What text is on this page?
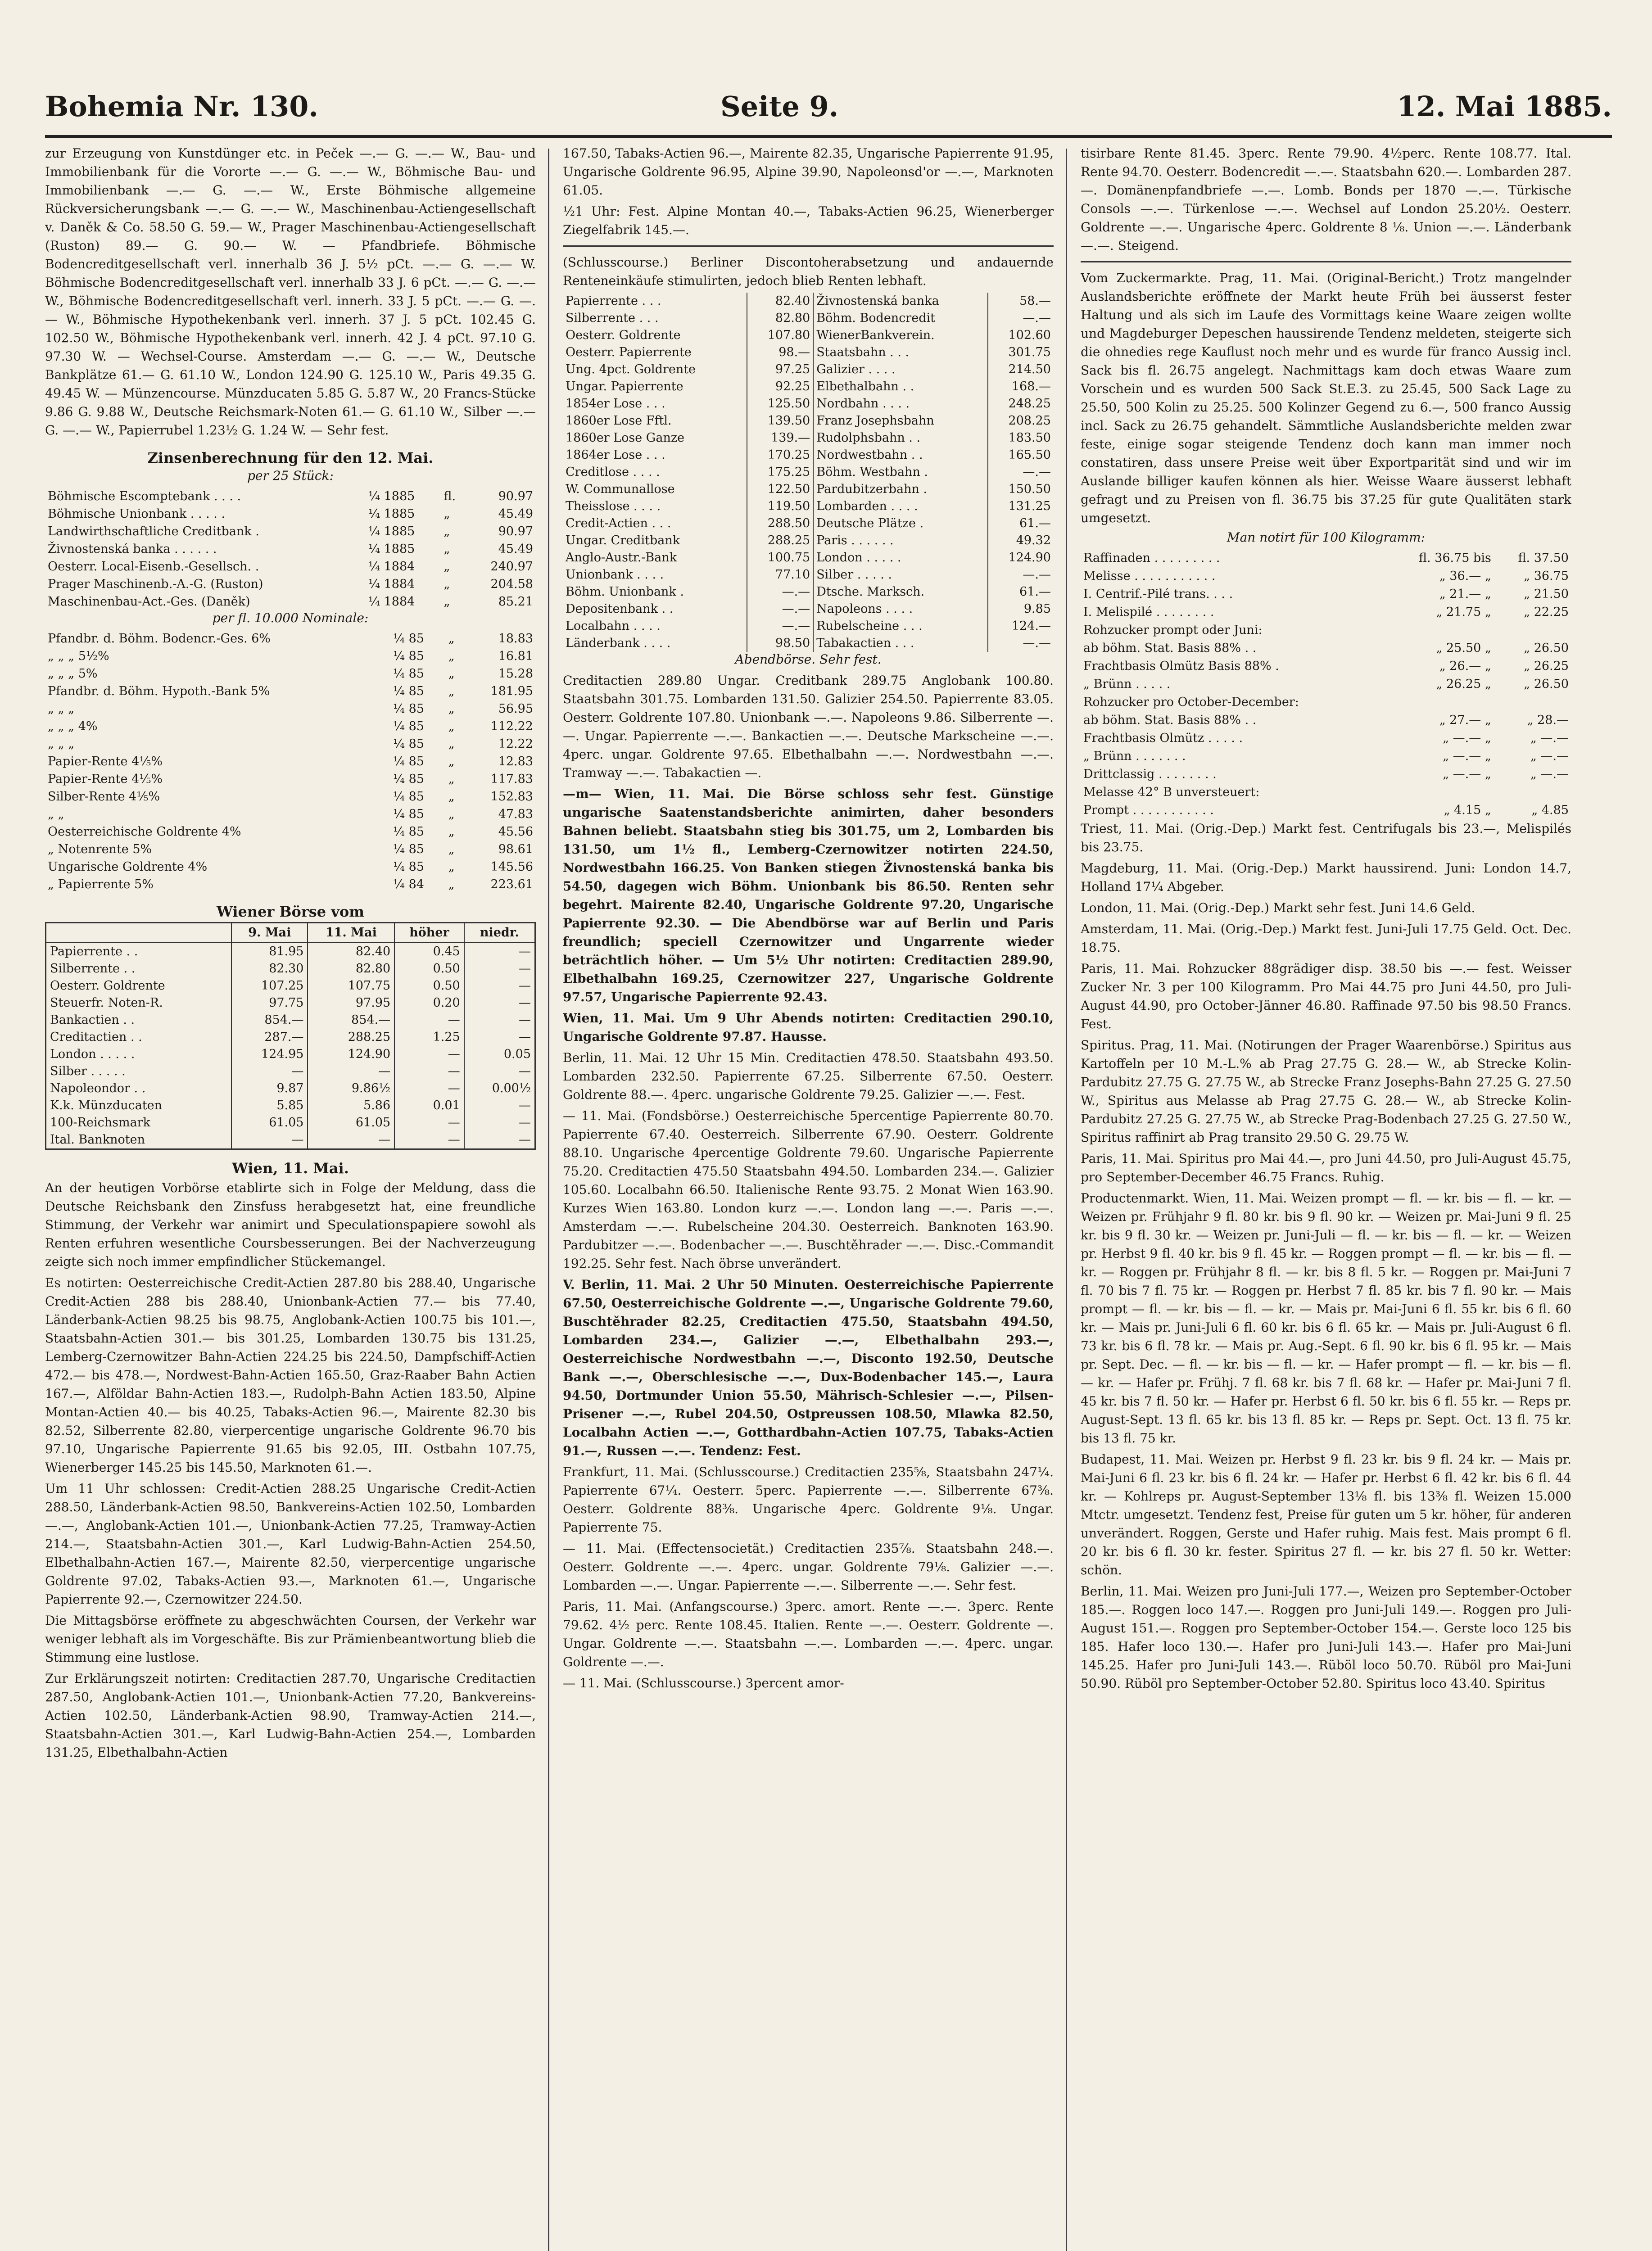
Bohemia Nr. 130.	Seite 9.	12. Mai 1885.

zur Erzeugung von Kunstdünger etc. in Peček —.— G. —.— W., Bau- und Immobilienbank für die Vororte —.— G. —.— W., Böhmische Bau- und Immobilienbank —.— G. —.— W., Erste Böhmische allgemeine Rückversicherungsbank —.— G. —.— W., Maschinenbau-Actiengesellschaft v. Daněk & Co. 58.50 G. 59.— W., Prager Maschinenbau-Actiengesellschaft (Ruston) 89.— G. 90.— W. — Pfandbriefe. Böhmische Bodencreditgesellschaft verl. innerhalb 36 J. 5½ pCt. —.— G. —.— W. Böhmische Bodencreditgesellschaft verl. innerhalb 33 J. 6 pCt. —.— G. —.— W., Böhmische Bodencreditgesellschaft verl. innerh. 33 J. 5 pCt. —.— G. —.— W., Böhmische Hypothekenbank verl. innerh. 37 J. 5 pCt. 102.45 G. 102.50 W., Böhmische Hypothekenbank verl. innerh. 42 J. 4 pCt. 97.10 G. 97.30 W. — Wechsel-Course. Amsterdam —.— G. —.— W., Deutsche Bankplätze 61.— G. 61.10 W., London 124.90 G. 125.10 W., Paris 49.35 G. 49.45 W. — Münzencourse. Münzducaten 5.85 G. 5.87 W., 20 Francs-Stücke 9.86 G. 9.88 W., Deutsche Reichsmark-Noten 61.— G. 61.10 W., Silber —.— G. —.— W., Papierrubel 1.23½ G. 1.24 W. — Sehr fest.

Zinsenberechnung für den 12. Mai.
per 25 Stück:
Böhmische Escomptebank . . . .	¼ 1885	fl.	90.97
Böhmische Unionbank . . . . .	¼ 1885	„	45.49
Landwirthschaftliche Creditbank .	¼ 1885	„	90.97
Živnostenská banka . . . . . .	¼ 1885	„	45.49
Oesterr. Local-Eisenb.-Gesellsch. .	¼ 1884	„	240.97
Prager Maschinenb.-A.-G. (Ruston)	¼ 1884	„	204.58
Maschinenbau-Act.-Ges. (Daněk)	¼ 1884	„	85.21
per fl. 10.000 Nominale:
Pfandbr. d. Böhm. Bodencr.-Ges. 6%	¼ 85	„	18.83
„ „ „ 5½%	¼ 85	„	16.81
„ „ „ 5%	¼ 85	„	15.28
Pfandbr. d. Böhm. Hypoth.-Bank 5%	¼ 85	„	181.95
„ „ „	¼ 85	„	56.95
„ „ „ 4%	¼ 85	„	112.22
„ „ „	¼ 85	„	12.22
Papier-Rente 4⅕%	¼ 85	„	12.83
Papier-Rente 4⅕%	¼ 85	„	117.83
Silber-Rente 4⅕%	¼ 85	„	152.83
„ „	¼ 85	„	47.83
Oesterreichische Goldrente 4%	¼ 85	„	45.56
„ Notenrente 5%	¼ 85	„	98.61
Ungarische Goldrente 4%	¼ 85	„	145.56
„ Papierrente 5%	¼ 84	„	223.61
Wiener Börse vom
	9. Mai	11. Mai	höher	niedr.
Papierrente . .	81.95	82.40	0.45	—
Silberrente . .	82.30	82.80	0.50	—
Oesterr. Goldrente	107.25	107.75	0.50	—
Steuerfr. Noten-R.	97.75	97.95	0.20	—
Bankactien . .	854.—	854.—	—	—
Creditactien . .	287.—	288.25	1.25	—
London . . . . .	124.95	124.90	—	0.05
Silber . . . . .	—	—	—	—
Napoleondor . .	9.87	9.86½	—	0.00½
K.k. Münzducaten	5.85	5.86	0.01	—
100-Reichsmark	61.05	61.05	—	—
Ital. Banknoten	—	—	—	—
Wien, 11. Mai.

An der heutigen Vorbörse etablirte sich in Folge der Meldung, dass die Deutsche Reichsbank den Zinsfuss herabgesetzt hat, eine freundliche Stimmung, der Verkehr war animirt und Speculationspapiere sowohl als Renten erfuhren wesentliche Coursbesserungen. Bei der Nachverzeugung zeigte sich noch immer empfindlicher Stückemangel.

Es notirten: Oesterreichische Credit-Actien 287.80 bis 288.40, Ungarische Credit-Actien 288 bis 288.40, Unionbank-Actien 77.— bis 77.40, Länderbank-Actien 98.25 bis 98.75, Anglobank-Actien 100.75 bis 101.—, Staatsbahn-Actien 301.— bis 301.25, Lombarden 130.75 bis 131.25, Lemberg-Czernowitzer Bahn-Actien 224.25 bis 224.50, Dampfschiff-Actien 472.— bis 478.—, Nordwest-Bahn-Actien 165.50, Graz-Raaber Bahn Actien 167.—, Alföldar Bahn-Actien 183.—, Rudolph-Bahn Actien 183.50, Alpine Montan-Actien 40.— bis 40.25, Tabaks-Actien 96.—, Mairente 82.30 bis 82.52, Silberrente 82.80, vierpercentige ungarische Goldrente 96.70 bis 97.10, Ungarische Papierrente 91.65 bis 92.05, III. Ostbahn 107.75, Wienerberger 145.25 bis 145.50, Marknoten 61.—.

Um 11 Uhr schlossen: Credit-Actien 288.25 Ungarische Credit-Actien 288.50, Länderbank-Actien 98.50, Bankvereins-Actien 102.50, Lombarden —.—, Anglobank-Actien 101.—, Unionbank-Actien 77.25, Tramway-Actien 214.—, Staatsbahn-Actien 301.—, Karl Ludwig-Bahn-Actien 254.50, Elbethalbahn-Actien 167.—, Mairente 82.50, vierpercentige ungarische Goldrente 97.02, Tabaks-Actien 93.—, Marknoten 61.—, Ungarische Papierrente 92.—, Czernowitzer 224.50.

Die Mittagsbörse eröffnete zu abgeschwächten Coursen, der Verkehr war weniger lebhaft als im Vorgeschäfte. Bis zur Prämienbeantwortung blieb die Stimmung eine lustlose.

Zur Erklärungszeit notirten: Creditactien 287.70, Ungarische Creditactien 287.50, Anglobank-Actien 101.—, Unionbank-Actien 77.20, Bankvereins-Actien 102.50, Länderbank-Actien 98.90, Tramway-Actien 214.—, Staatsbahn-Actien 301.—, Karl Ludwig-Bahn-Actien 254.—, Lombarden 131.25, Elbethalbahn-Actien

167.50, Tabaks-Actien 96.—, Mairente 82.35, Ungarische Papierrente 91.95, Ungarische Goldrente 96.95, Alpine 39.90, Napoleonsd'or —.—, Marknoten 61.05.

½1 Uhr: Fest. Alpine Montan 40.—, Tabaks-Actien 96.25, Wienerberger Ziegelfabrik 145.—.

(Schlusscourse.) Berliner Discontoherabsetzung und andauernde Renteneinkäufe stimulirten, jedoch blieb Renten lebhaft.

Papierrente . . .	82.40	Živnostenská banka	58.—
Silberrente . . .	82.80	Böhm. Bodencredit	—.—
Oesterr. Goldrente	107.80	WienerBankverein.	102.60
Oesterr. Papierrente	98.—	Staatsbahn . . .	301.75
Ung. 4pct. Goldrente	97.25	Galizier . . . .	214.50
Ungar. Papierrente	92.25	Elbethalbahn . .	168.—
1854er Lose . . .	125.50	Nordbahn . . . .	248.25
1860er Lose Fftl.	139.50	Franz Josephsbahn	208.25
1860er Lose Ganze	139.—	Rudolphsbahn . .	183.50
1864er Lose . . .	170.25	Nordwestbahn . .	165.50
Creditlose . . . .	175.25	Böhm. Westbahn .	—.—
W. Communallose	122.50	Pardubitzerbahn .	150.50
Theisslose . . . .	119.50	Lombarden . . . .	131.25
Credit-Actien . . .	288.50	Deutsche Plätze .	61.—
Ungar. Creditbank	288.25	Paris . . . . . .	49.32
Anglo-Austr.-Bank	100.75	London . . . . .	124.90
Unionbank . . . .	77.10	Silber . . . . .	—.—
Böhm. Unionbank .	—.—	Dtsche. Marksch.	61.—
Depositenbank . .	—.—	Napoleons . . . .	9.85
Localbahn . . . .	—.—	Rubelscheine . . .	124.—
Länderbank . . . .	98.50	Tabakactien . . .	—.—
Abendbörse. Sehr fest.

Creditactien 289.80 Ungar. Creditbank 289.75 Anglobank 100.80. Staatsbahn 301.75. Lombarden 131.50. Galizier 254.50. Papierrente 83.05. Oesterr. Goldrente 107.80. Unionbank —.—. Napoleons 9.86. Silberrente —.—. Ungar. Papierrente —.—. Bankactien —.—. Deutsche Markscheine —.—. 4perc. ungar. Goldrente 97.65. Elbethalbahn —.—. Nordwestbahn —.—. Tramway —.—. Tabakactien —.

—m— Wien, 11. Mai. Die Börse schloss sehr fest. Günstige ungarische Saatenstandsberichte animirten, daher besonders Bahnen beliebt. Staatsbahn stieg bis 301.75, um 2, Lombarden bis 131.50, um 1½ fl., Lemberg-Czernowitzer notirten 224.50, Nordwestbahn 166.25. Von Banken stiegen Živnostenská banka bis 54.50, dagegen wich Böhm. Unionbank bis 86.50. Renten sehr begehrt. Mairente 82.40, Ungarische Goldrente 97.20, Ungarische Papierrente 92.30. — Die Abendbörse war auf Berlin und Paris freundlich; speciell Czernowitzer und Ungarrente wieder beträchtlich höher. — Um 5½ Uhr notirten: Creditactien 289.90, Elbethalbahn 169.25, Czernowitzer 227, Ungarische Goldrente 97.57, Ungarische Papierrente 92.43.

Wien, 11. Mai. Um 9 Uhr Abends notirten: Creditactien 290.10, Ungarische Goldrente 97.87. Hausse.

Berlin, 11. Mai. 12 Uhr 15 Min. Creditactien 478.50. Staatsbahn 493.50. Lombarden 232.50. Papierrente 67.25. Silberrente 67.50. Oesterr. Goldrente 88.—. 4perc. ungarische Goldrente 79.25. Galizier —.—. Fest.

— 11. Mai. (Fondsbörse.) Oesterreichische 5percentige Papierrente 80.70. Papierrente 67.40. Oesterreich. Silberrente 67.90. Oesterr. Goldrente 88.10. Ungarische 4percentige Goldrente 79.60. Ungarische Papierrente 75.20. Creditactien 475.50 Staatsbahn 494.50. Lombarden 234.—. Galizier 105.60. Localbahn 66.50. Italienische Rente 93.75. 2 Monat Wien 163.90. Kurzes Wien 163.80. London kurz —.—. London lang —.—. Paris —.—. Amsterdam —.—. Rubelscheine 204.30. Oesterreich. Banknoten 163.90. Pardubitzer —.—. Bodenbacher —.—. Buschtěhrader —.—. Disc.-Commandit 192.25. Sehr fest. Nach öbrse unverändert.

V. Berlin, 11. Mai. 2 Uhr 50 Minuten. Oesterreichische Papierrente 67.50, Oesterreichische Goldrente —.—, Ungarische Goldrente 79.60, Buschtěhrader 82.25, Creditactien 475.50, Staatsbahn 494.50, Lombarden 234.—, Galizier —.—, Elbethalbahn 293.—, Oesterreichische Nordwestbahn —.—, Disconto 192.50, Deutsche Bank —.—, Oberschlesische —.—, Dux-Bodenbacher 145.—, Laura 94.50, Dortmunder Union 55.50, Mährisch-Schlesier —.—, Pilsen-Prisener —.—, Rubel 204.50, Ostpreussen 108.50, Mlawka 82.50, Localbahn Actien —.—, Gotthardbahn-Actien 107.75, Tabaks-Actien 91.—, Russen —.—. Tendenz: Fest.

Frankfurt, 11. Mai. (Schlusscourse.) Creditactien 235⅝, Staatsbahn 247¼. Papierrente 67¼. Oesterr. 5perc. Papierrente —.—. Silberrente 67⅜. Oesterr. Goldrente 88⅜. Ungarische 4perc. Goldrente 9⅛. Ungar. Papierrente 75.

— 11. Mai. (Effectensocietät.) Creditactien 235⅞. Staatsbahn 248.—. Oesterr. Goldrente —.—. 4perc. ungar. Goldrente 79⅛. Galizier —.—. Lombarden —.—. Ungar. Papierrente —.—. Silberrente —.—. Sehr fest.

Paris, 11. Mai. (Anfangscourse.) 3perc. amort. Rente —.—. 3perc. Rente 79.62. 4½ perc. Rente 108.45. Italien. Rente —.—. Oesterr. Goldrente —. Ungar. Goldrente —.—. Staatsbahn —.—. Lombarden —.—. 4perc. ungar. Goldrente —.—.

— 11. Mai. (Schlusscourse.) 3percent amor-

tisirbare Rente 81.45. 3perc. Rente 79.90. 4½perc. Rente 108.77. Ital. Rente 94.70. Oesterr. Bodencredit —.—. Staatsbahn 620.—. Lombarden 287.—. Domänenpfandbriefe —.—. Lomb. Bonds per 1870 —.—. Türkische Consols —.—. Türkenlose —.—. Wechsel auf London 25.20½. Oesterr. Goldrente —.—. Ungarische 4perc. Goldrente 8 ⅛. Union —.—. Länderbank —.—. Steigend.

Vom Zuckermarkte. Prag, 11. Mai. (Original-Bericht.) Trotz mangelnder Auslandsberichte eröffnete der Markt heute Früh bei äusserst fester Haltung und als sich im Laufe des Vormittags keine Waare zeigen wollte und Magdeburger Depeschen haussirende Tendenz meldeten, steigerte sich die ohnedies rege Kauflust noch mehr und es wurde für franco Aussig incl. Sack bis fl. 26.75 angelegt. Nachmittags kam doch etwas Waare zum Vorschein und es wurden 500 Sack St.E.3. zu 25.45, 500 Sack Lage zu 25.50, 500 Kolin zu 25.25. 500 Kolinzer Gegend zu 6.—, 500 franco Aussig incl. Sack zu 26.75 gehandelt. Sämmtliche Auslandsberichte melden zwar feste, einige sogar steigende Tendenz doch kann man immer noch constatiren, dass unsere Preise weit über Exportparität sind und wir im Auslande billiger kaufen können als hier. Weisse Waare äusserst lebhaft gefragt und zu Preisen von fl. 36.75 bis 37.25 für gute Qualitäten stark umgesetzt.

Man notirt für 100 Kilogramm:
Raffinaden . . . . . . . . .	fl. 36.75 bis	fl. 37.50
Melisse . . . . . . . . . . .	„ 36.— „	„ 36.75
I. Centrif.-Pilé trans. . . .	„ 21.— „	„ 21.50
I. Melispilé . . . . . . . .	„ 21.75 „	„ 22.25
Rohzucker prompt oder Juni:		
ab böhm. Stat. Basis 88% . .	„ 25.50 „	„ 26.50
Frachtbasis Olmütz Basis 88% .	„ 26.— „	„ 26.25
„ Brünn . . . . .	„ 26.25 „	„ 26.50
Rohzucker pro October-December:		
ab böhm. Stat. Basis 88% . .	„ 27.— „	„ 28.—
Frachtbasis Olmütz . . . . .	„ —.— „	„ —.—
„ Brünn . . . . . . .	„ —.— „	„ —.—
Drittclassig . . . . . . . .	„ —.— „	„ —.—
Melasse 42° B unversteuert:		
Prompt . . . . . . . . . . .	„ 4.15 „	„ 4.85

Triest, 11. Mai. (Orig.-Dep.) Markt fest. Centrifugals bis 23.—, Melispilés bis 23.75.

Magdeburg, 11. Mai. (Orig.-Dep.) Markt haussirend. Juni: London 14.7, Holland 17¼ Abgeber.

London, 11. Mai. (Orig.-Dep.) Markt sehr fest. Juni 14.6 Geld.

Amsterdam, 11. Mai. (Orig.-Dep.) Markt fest. Juni-Juli 17.75 Geld. Oct. Dec. 18.75.

Paris, 11. Mai. Rohzucker 88grädiger disp. 38.50 bis —.— fest. Weisser Zucker Nr. 3 per 100 Kilogramm. Pro Mai 44.75 pro Juni 44.50, pro Juli-August 44.90, pro October-Jänner 46.80. Raffinade 97.50 bis 98.50 Francs. Fest.

Spiritus. Prag, 11. Mai. (Notirungen der Prager Waarenbörse.) Spiritus aus Kartoffeln per 10 M.-L.% ab Prag 27.75 G. 28.— W., ab Strecke Kolin-Pardubitz 27.75 G. 27.75 W., ab Strecke Franz Josephs-Bahn 27.25 G. 27.50 W., Spiritus aus Melasse ab Prag 27.75 G. 28.— W., ab Strecke Kolin-Pardubitz 27.25 G. 27.75 W., ab Strecke Prag-Bodenbach 27.25 G. 27.50 W., Spiritus raffinirt ab Prag transito 29.50 G. 29.75 W.

Paris, 11. Mai. Spiritus pro Mai 44.—, pro Juni 44.50, pro Juli-August 45.75, pro September-December 46.75 Francs. Ruhig.

Productenmarkt. Wien, 11. Mai. Weizen prompt — fl. — kr. bis — fl. — kr. — Weizen pr. Frühjahr 9 fl. 80 kr. bis 9 fl. 90 kr. — Weizen pr. Mai-Juni 9 fl. 25 kr. bis 9 fl. 30 kr. — Weizen pr. Juni-Juli — fl. — kr. bis — fl. — kr. — Weizen pr. Herbst 9 fl. 40 kr. bis 9 fl. 45 kr. — Roggen prompt — fl. — kr. bis — fl. — kr. — Roggen pr. Frühjahr 8 fl. — kr. bis 8 fl. 5 kr. — Roggen pr. Mai-Juni 7 fl. 70 bis 7 fl. 75 kr. — Roggen pr. Herbst 7 fl. 85 kr. bis 7 fl. 90 kr. — Mais prompt — fl. — kr. bis — fl. — kr. — Mais pr. Mai-Juni 6 fl. 55 kr. bis 6 fl. 60 kr. — Mais pr. Juni-Juli 6 fl. 60 kr. bis 6 fl. 65 kr. — Mais pr. Juli-August 6 fl. 73 kr. bis 6 fl. 78 kr. — Mais pr. Aug.-Sept. 6 fl. 90 kr. bis 6 fl. 95 kr. — Mais pr. Sept. Dec. — fl. — kr. bis — fl. — kr. — Hafer prompt — fl. — kr. bis — fl. — kr. — Hafer pr. Frühj. 7 fl. 68 kr. bis 7 fl. 68 kr. — Hafer pr. Mai-Juni 7 fl. 45 kr. bis 7 fl. 50 kr. — Hafer pr. Herbst 6 fl. 50 kr. bis 6 fl. 55 kr. — Reps pr. August-Sept. 13 fl. 65 kr. bis 13 fl. 85 kr. — Reps pr. Sept. Oct. 13 fl. 75 kr. bis 13 fl. 75 kr.

Budapest, 11. Mai. Weizen pr. Herbst 9 fl. 23 kr. bis 9 fl. 24 kr. — Mais pr. Mai-Juni 6 fl. 23 kr. bis 6 fl. 24 kr. — Hafer pr. Herbst 6 fl. 42 kr. bis 6 fl. 44 kr. — Kohlreps pr. August-September 13⅛ fl. bis 13⅜ fl. Weizen 15.000 Mtctr. umgesetzt. Tendenz fest, Preise für guten um 5 kr. höher, für anderen unverändert. Roggen, Gerste und Hafer ruhig. Mais fest. Mais prompt 6 fl. 20 kr. bis 6 fl. 30 kr. fester. Spiritus 27 fl. — kr. bis 27 fl. 50 kr. Wetter: schön.

Berlin, 11. Mai. Weizen pro Juni-Juli 177.—, Weizen pro September-October 185.—. Roggen loco 147.—. Roggen pro Juni-Juli 149.—. Roggen pro Juli-August 151.—. Roggen pro September-October 154.—. Gerste loco 125 bis 185. Hafer loco 130.—. Hafer pro Juni-Juli 143.—. Hafer pro Mai-Juni 145.25. Hafer pro Juni-Juli 143.—. Rüböl loco 50.70. Rüböl pro Mai-Juni 50.90. Rüböl pro September-October 52.80. Spiritus loco 43.40. Spiritus
